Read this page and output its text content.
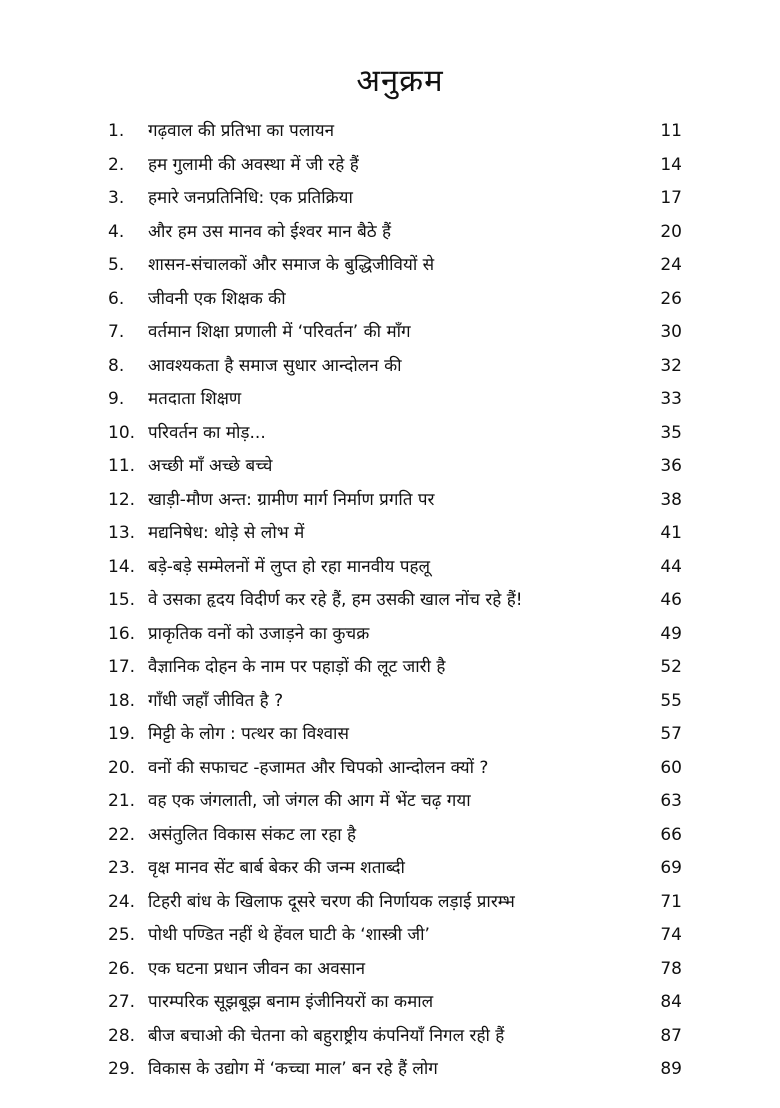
अनुक्रम
1.	गढ़वाल की प्रतिभा का पलायन	11
2.	हम गुलामी की अवस्था में जी रहे हैं	14
3.	हमारे जनप्रतिनिधि: एक प्रतिक्रिया	17
4.	और हम उस मानव को ईश्वर मान बैठे हैं	20
5.	शासन-संचालकों और समाज के बुद्धिजीवियों से	24
6.	जीवनी एक शिक्षक की	26
7.	वर्तमान शिक्षा प्रणाली में ‘परिवर्तन’ की माँग	30
8.	आवश्यकता है समाज सुधार आन्दोलन की	32
9.	मतदाता शिक्षण	33
10. परिवर्तन का मोड़...	35
11. अच्छी माँ अच्छे बच्चे	36
12. खाड़ी-मौण अन्त: ग्रामीण मार्ग निर्माण प्रगति पर	38
13. मद्यनिषेध: थोड़े से लोभ में	41
14. बड़े-बड़े सम्मेलनों में लुप्त हो रहा मानवीय पहलू	44
15. वे उसका हृदय विदीर्ण कर रहे हैं, हम उसकी खाल नोंच रहे हैं!	46
16. प्राकृतिक वनों को उजाड़ने का कुचक्र	49
17. वैज्ञानिक दोहन के नाम पर पहाड़ों की लूट जारी है	52
18. गाँधी जहाँ जीवित है ?	55
19. मिट्टी के लोग : पत्थर का विश्वास	57
20. वनों की सफाचट -हजामत और चिपको आन्दोलन क्यों ?	60
21. वह एक जंगलाती, जो जंगल की आग में भेंट चढ़ गया	63
22. असंतुलित विकास संकट ला रहा है	66
23. वृक्ष मानव सेंट बार्ब बेकर की जन्म शताब्दी	69
24. टिहरी बांध के खिलाफ दूसरे चरण की निर्णायक लड़ाई प्रारम्भ	71
25. पोथी पण्डित नहीं थे हेंवल घाटी के ‘शास्त्री जी’	74
26. एक घटना प्रधान जीवन का अवसान	78
27. पारम्परिक सूझबूझ बनाम इंजीनियरों का कमाल	84
28. बीज बचाओ की चेतना को बहुराष्ट्रीय कंपनियाँ निगल रही हैं	87
29. विकास के उद्योग में ‘कच्चा माल’ बन रहे हैं लोग	89
